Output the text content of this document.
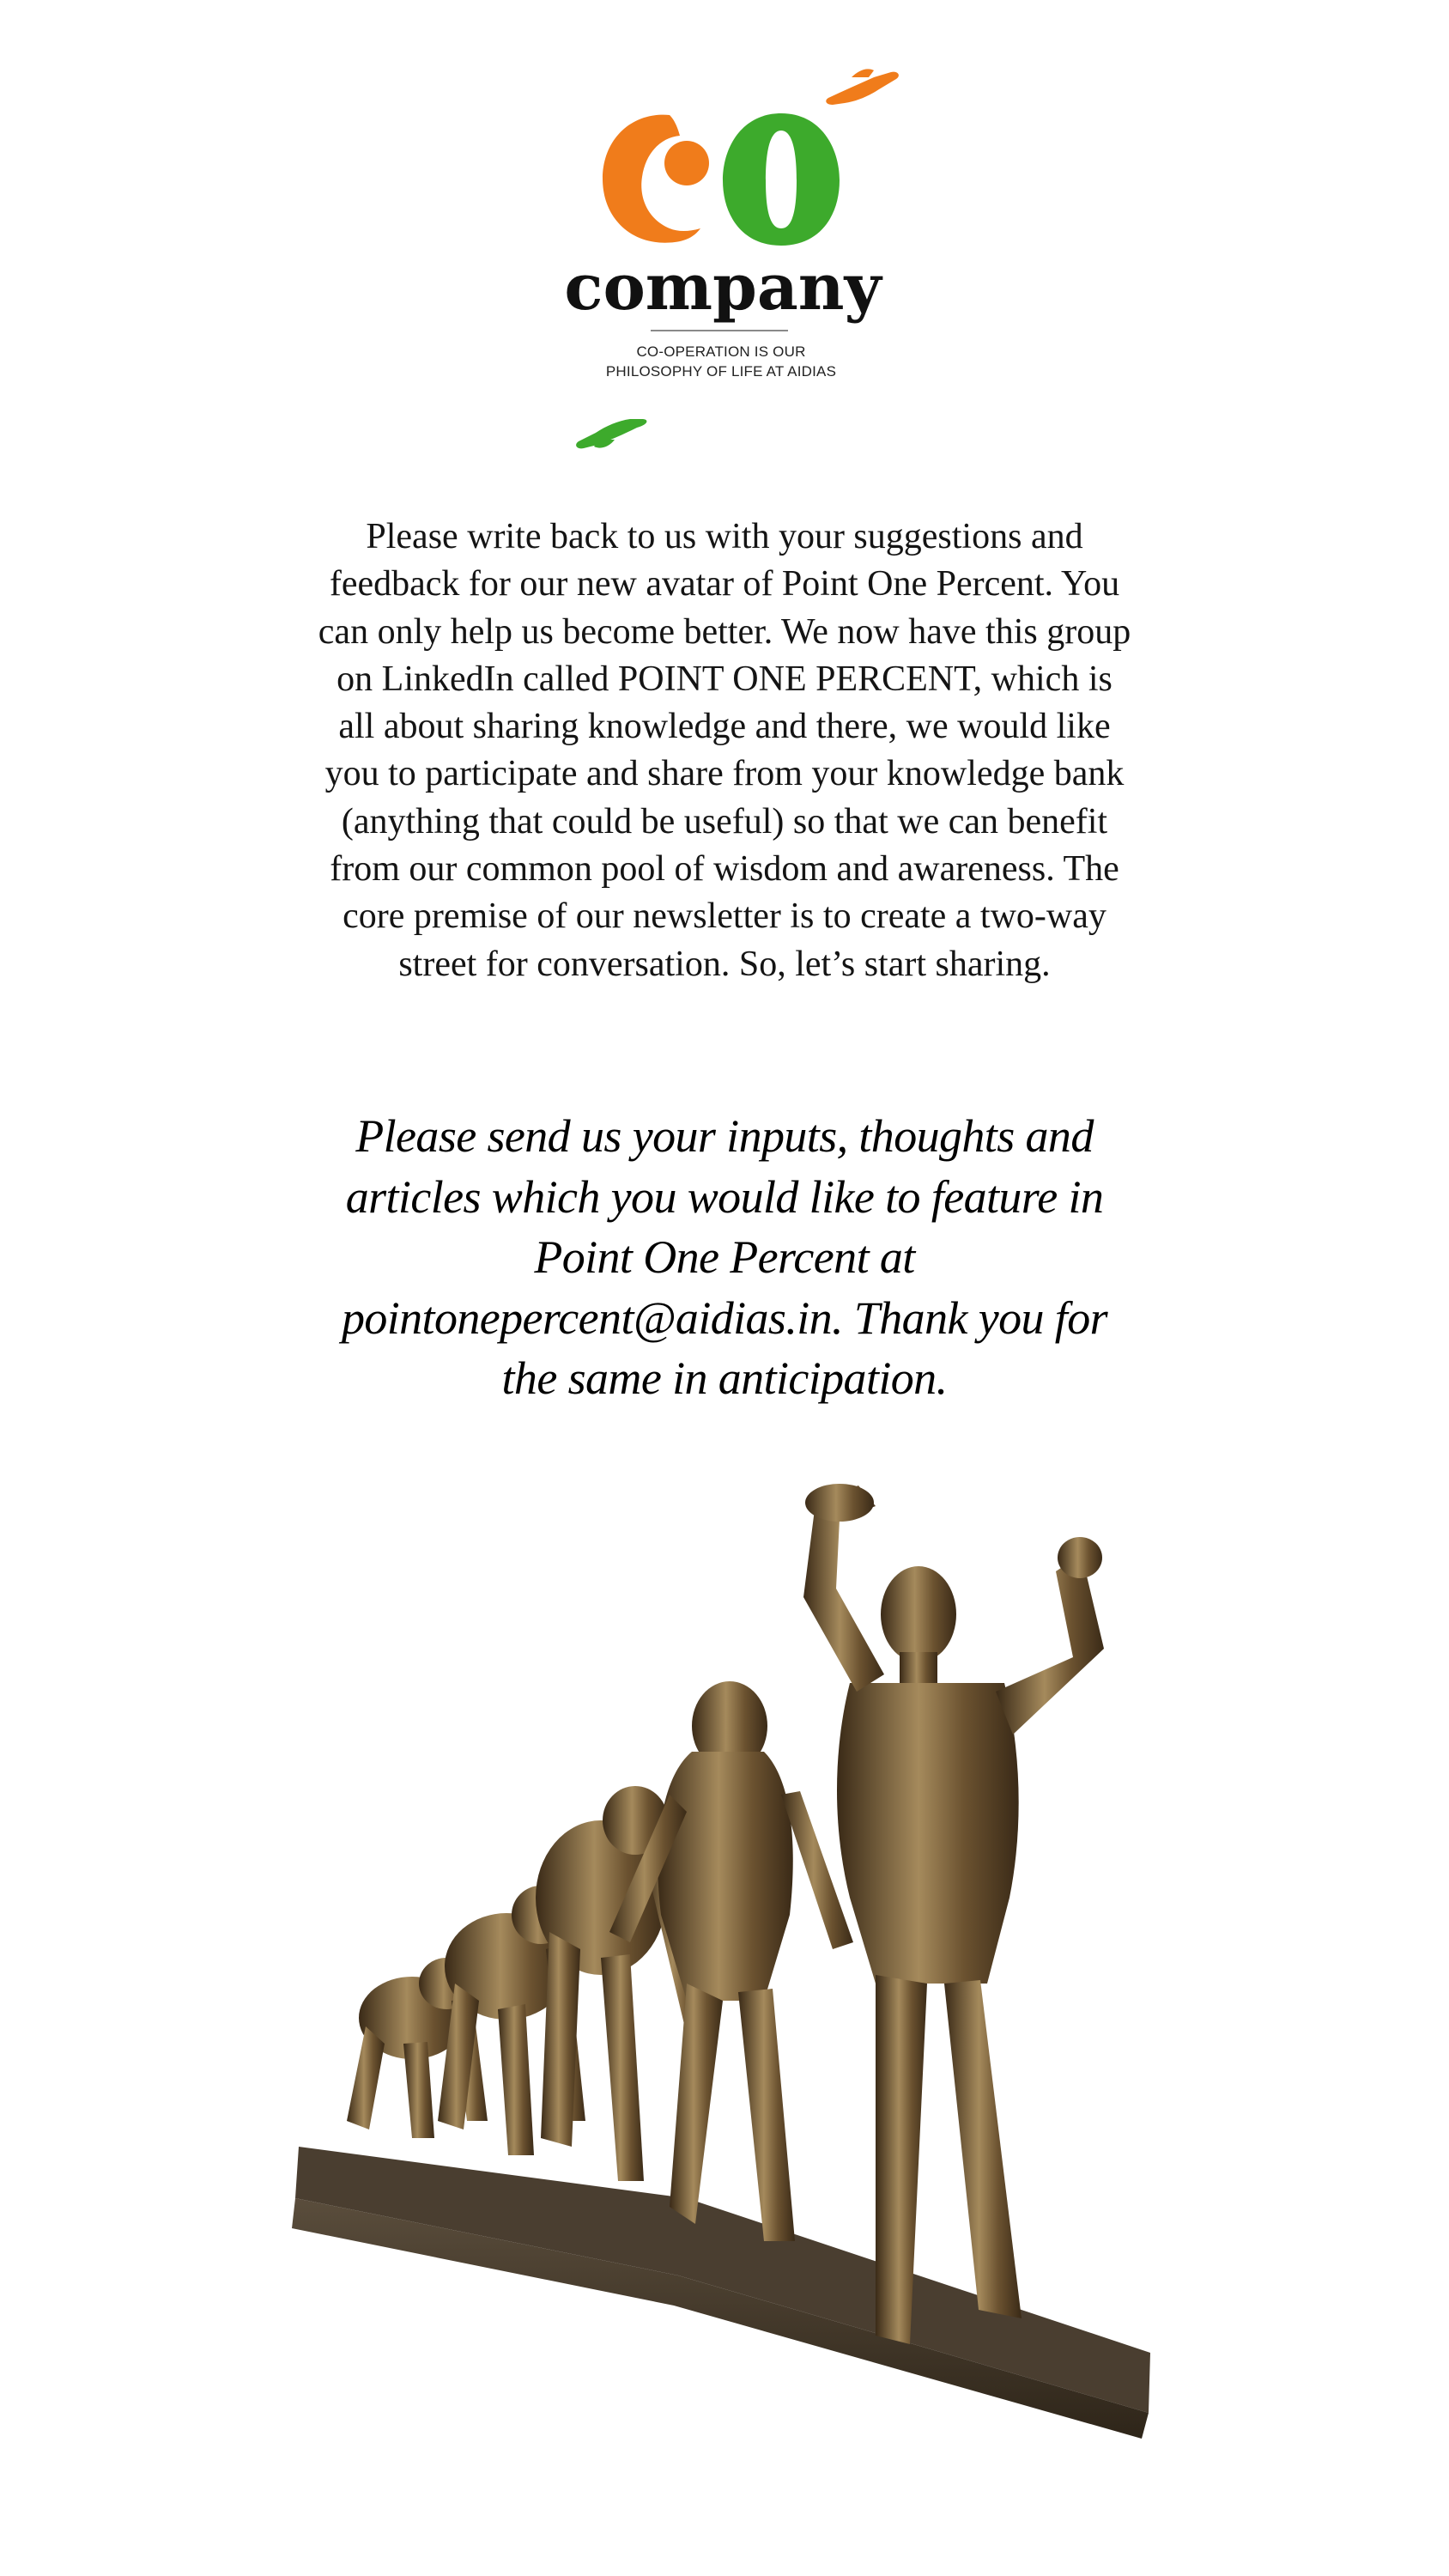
company
CO-OPERATION IS OUR
PHILOSOPHY OF LIFE AT AIDIAS

Please write back to us with your suggestions and feedback for our new avatar of Point One Percent. You can only help us become better. We now have this group on LinkedIn called POINT ONE PERCENT, which is all about sharing knowledge and there, we would like you to participate and share from your knowledge bank (anything that could be useful) so that we can benefit from our common pool of wisdom and awareness. The core premise of our newsletter is to create a two-way street for conversation. So, let’s start sharing.

Please send us your inputs, thoughts and articles which you would like to feature in Point One Percent at pointonepercent@aidias.in. Thank you for the same in anticipation.
